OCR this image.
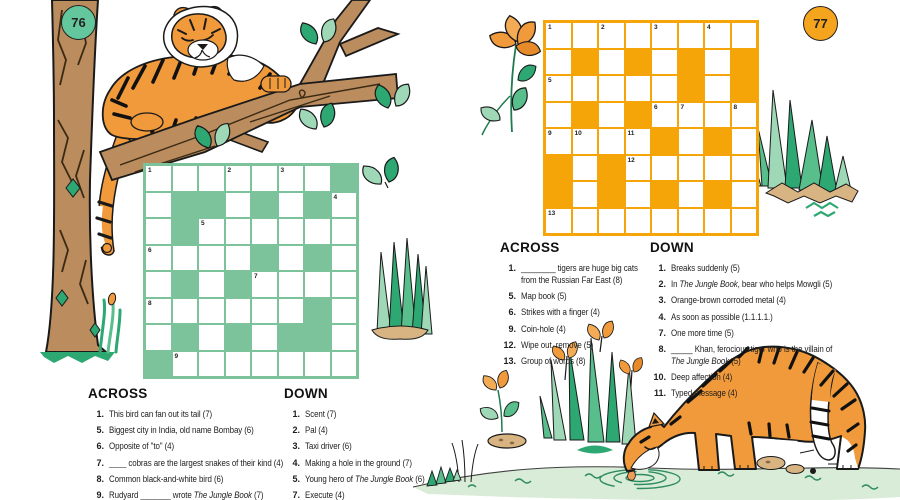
76	77
1	2	3
4
5
6
7
8
9
1	2	3	4
5
6	7	8
9	10	11
12
13
ACROSS
1. This bird can fan out its tail (7)
5. Biggest city in India, old name Bombay (6)
6. Opposite of "to" (4)
7. ____ cobras are the largest snakes of their kind (4)
8. Common black-and-white bird (6)
9. Rudyard _______ wrote The Jungle Book (7)
DOWN
1. Scent (7)
2. Pal (4)
3. Taxi driver (6)
4. Making a hole in the ground (7)
5. Young hero of The Jungle Book (6)
7. Execute (4)
ACROSS
1. ________ tigers are huge big cats from the Russian Far East (8)
5. Map book (5)
6. Strikes with a finger (4)
9. Coin-hole (4)
12. Wipe out, remove (5)
13. Group of words (8)
DOWN
1. Breaks suddenly (5)
2. In The Jungle Book, bear who helps Mowgli (5)
3. Orange-brown corroded metal (4)
4. As soon as possible (1.1.1.1.)
7. One more time (5)
8. _____ Khan, ferocious tiger who is the villain of The Jungle Book (5)
10. Deep affection (4)
11. Typed message (4)
